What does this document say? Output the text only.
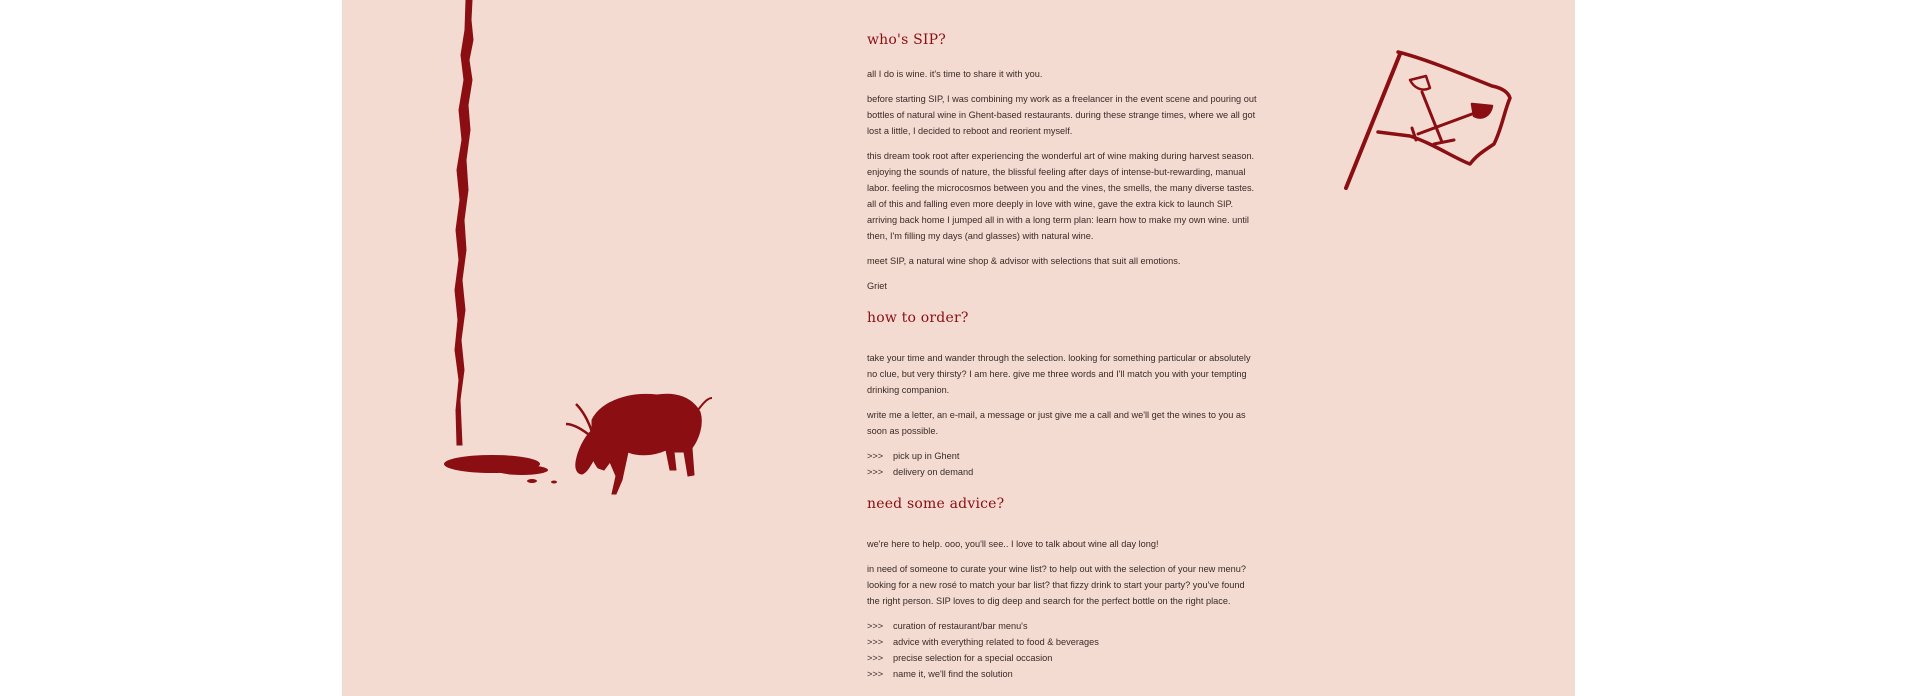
who's SIP?

all I do is wine. it's time to share it with you.

before starting SIP, I was combining my work as a freelancer in the event scene and pouring out bottles of natural wine in Ghent-based restaurants. during these strange times, where we all got lost a little, I decided to reboot and reorient myself.

this dream took root after experiencing the wonderful art of wine making during harvest season. enjoying the sounds of nature, the blissful feeling after days of intense-but-rewarding, manual labor. feeling the microcosmos between you and the vines, the smells, the many diverse tastes. all of this and falling even more deeply in love with wine, gave the extra kick to launch SIP. arriving back home I jumped all in with a long term plan: learn how to make my own wine. until then, I'm filling my days (and glasses) with natural wine.

meet SIP, a natural wine shop & advisor with selections that suit all emotions.

Griet

how to order?

take your time and wander through the selection. looking for something particular or absolutely no clue, but very thirsty? I am here. give me three words and I'll match you with your tempting drinking companion.

write me a letter, an e-mail, a message or just give me a call and we'll get the wines to you as soon as possible.

>>>	pick up in Ghent
>>>	delivery on demand
need some advice?

we're here to help. ooo, you'll see.. I love to talk about wine all day long!

in need of someone to curate your wine list? to help out with the selection of your new menu? looking for a new rosé to match your bar list? that fizzy drink to start your party? you've found the right person. SIP loves to dig deep and search for the perfect bottle on the right place.

>>>	curation of restaurant/bar menu's
>>>	advice with everything related to food & beverages
>>>	precise selection for a special occasion
>>>	name it, we'll find the solution
